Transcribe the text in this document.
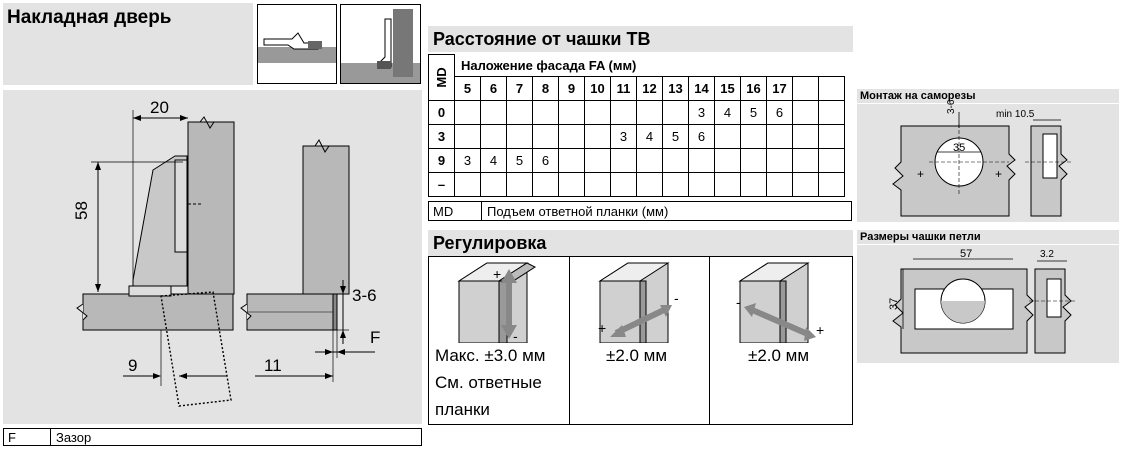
Накладная дверь
20
58
9	11
3-6
F
F	Зазор
Расстояние от чашки TB
MD	Наложение фасада FA (мм)														
	5	6	7	8	9	10	11	12	13	14	15	16	17		
0										3	4	5	6		
3							3	4	5	6					
9	3	4	5	6											
–															
MD	Подъем ответной планки (мм)
Регулировка
+
-
Макс. ±3.0 мм
См. ответные
планки
+
-
±2.0 мм
-
+
±2.0 мм
Монтаж на саморезы
+	+
3-6
min 10.5
35
Размеры чашки петли
57	3.2
37
